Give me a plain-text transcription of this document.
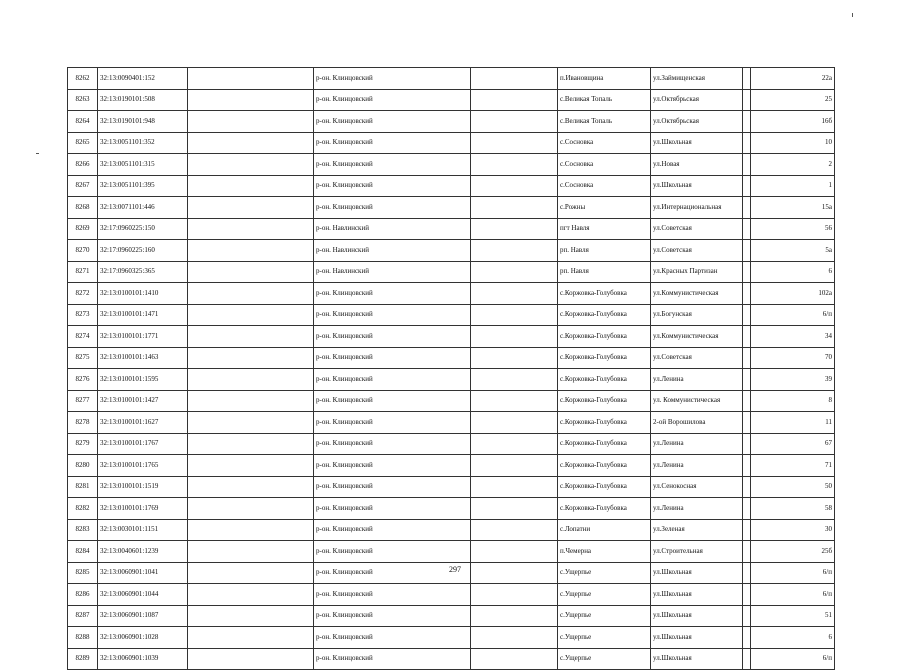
8262	32:13:0090401:152		р-он. Клинцовский		п.Ивановщина	ул.Займищенская		22а
8263	32:13:0190101:508		р-он. Клинцовский		с.Великая Топаль	ул.Октябрьская		25
8264	32:13:0190101:948		р-он. Клинцовский		с.Великая Топаль	ул.Октябрьская		16б
8265	32:13:0051101:352		р-он. Клинцовский		с.Сосновка	ул.Школьная		10
8266	32:13:0051101:315		р-он. Клинцовский		с.Сосновка	ул.Новая		2
8267	32:13:0051101:395		р-он. Клинцовский		с.Сосновка	ул.Школьная		1
8268	32:13:0071101:446		р-он. Клинцовский		с.Рожны	ул.Интернациональная		15а
8269	32:17:0960225:150		р-он. Навлинский		пгт Навля	ул.Советская		56
8270	32:17:0960225:160		р-он. Навлинский		рп. Навля	ул.Советская		5а
8271	32:17:0960325:365		р-он. Навлинский		рп. Навля	ул.Красных Партизан		6
8272	32:13:0100101:1410		р-он. Клинцовский		с.Коржовка-Голубовка	ул.Коммунистическая		102а
8273	32:13:0100101:1471		р-он. Клинцовский		с.Коржовка-Голубовка	ул.Богунская		6/п
8274	32:13:0100101:1771		р-он. Клинцовский		с.Коржовка-Голубовка	ул.Коммунистическая		34
8275	32:13:0100101:1463		р-он. Клинцовский		с.Коржовка-Голубовка	ул.Советская		70
8276	32:13:0100101:1595		р-он. Клинцовский		с.Коржовка-Голубовка	ул.Ленина		39
8277	32:13:0100101:1427		р-он. Клинцовский		с.Коржовка-Голубовка	ул. Коммунистическая		8
8278	32:13:0100101:1627		р-он. Клинцовский		с.Коржовка-Голубовка	2-ой Ворошилова		11
8279	32:13:0100101:1767		р-он. Клинцовский		с.Коржовка-Голубовка	ул.Ленина		67
8280	32:13:0100101:1765		р-он. Клинцовский		с.Коржовка-Голубовка	ул.Ленина		71
8281	32:13:0100101:1519		р-он. Клинцовский		с.Коржовка-Голубовка	ул.Сенокосная		50
8282	32:13:0100101:1769		р-он. Клинцовский		с.Коржовка-Голубовка	ул.Ленина		58
8283	32:13:0030101:1151		р-он. Клинцовский		с.Лопатни	ул.Зеленая		30
8284	32:13:0040601:1239		р-он. Клинцовский		п.Чемерна	ул.Строительная		25б
8285	32:13:0060901:1041		р-он. Клинцовский		с.Ущерпье	ул.Школьная		6/п
8286	32:13:0060901:1044		р-он. Клинцовский		с.Ущерпье	ул.Школьная		6/п
8287	32:13:0060901:1087		р-он. Клинцовский		с.Ущерпье	ул.Школьная		51
8288	32:13:0060901:1028		р-он. Клинцовский		с.Ущерпье	ул.Школьная		6
8289	32:13:0060901:1039		р-он. Клинцовский		с.Ущерпье	ул.Школьная		6/п
297
